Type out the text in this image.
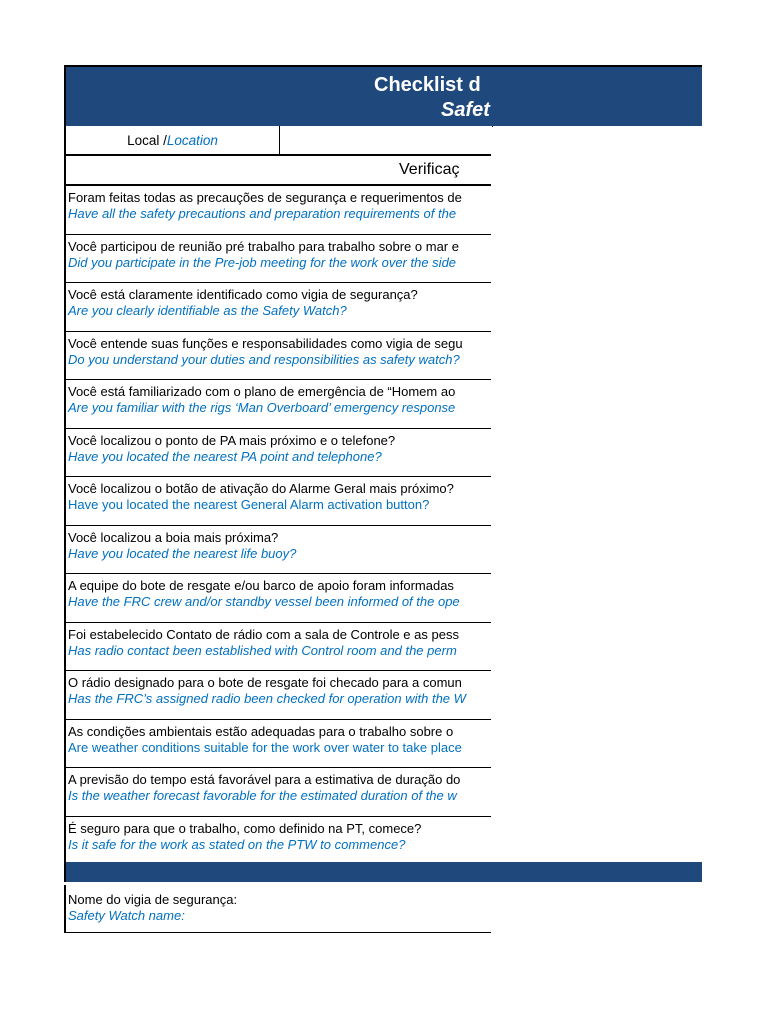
Checklist d
Safet
Local / Location
Verificaç
Foram feitas todas as precauções de segurança e requerimentos de
Have all the safety precautions and preparation requirements of the
Você participou de reunião pré trabalho para trabalho sobre o mar e
Did you participate in the Pre-job meeting for the work over the side
Você está claramente identificado como vigia de segurança?
Are you clearly identifiable as the Safety Watch?
Você entende suas funções e responsabilidades como vigia de segu
Do you understand your duties and responsibilities as safety watch?
Você está familiarizado com o plano de emergência de “Homem ao
Are you familiar with the rigs ‘Man Overboard’ emergency response
Você localizou o ponto de PA mais próximo e o telefone?
Have you located the nearest PA point and telephone?
Você localizou o botão de ativação do Alarme Geral mais próximo?
Have you located the nearest General Alarm activation button?
Você localizou a boia mais próxima?
Have you located the nearest life buoy?
A equipe do bote de resgate e/ou barco de apoio foram informadas
Have the FRC crew and/or standby vessel been informed of the ope
Foi estabelecido Contato de rádio com a sala de Controle e as pess
Has radio contact been established with Control room and the perm
O rádio designado para o bote de resgate foi checado para a comun
Has the FRC’s assigned radio been checked for operation with the W
As condições ambientais estão adequadas para o trabalho sobre o
Are weather conditions suitable for the work over water to take place
A previsão do tempo está favorável para a estimativa de duração do
Is the weather forecast favorable for the estimated duration of the w
É seguro para que o trabalho, como definido na PT, comece?
Is it safe for the work as stated on the PTW to commence?
Nome do vigia de segurança:
Safety Watch name:
